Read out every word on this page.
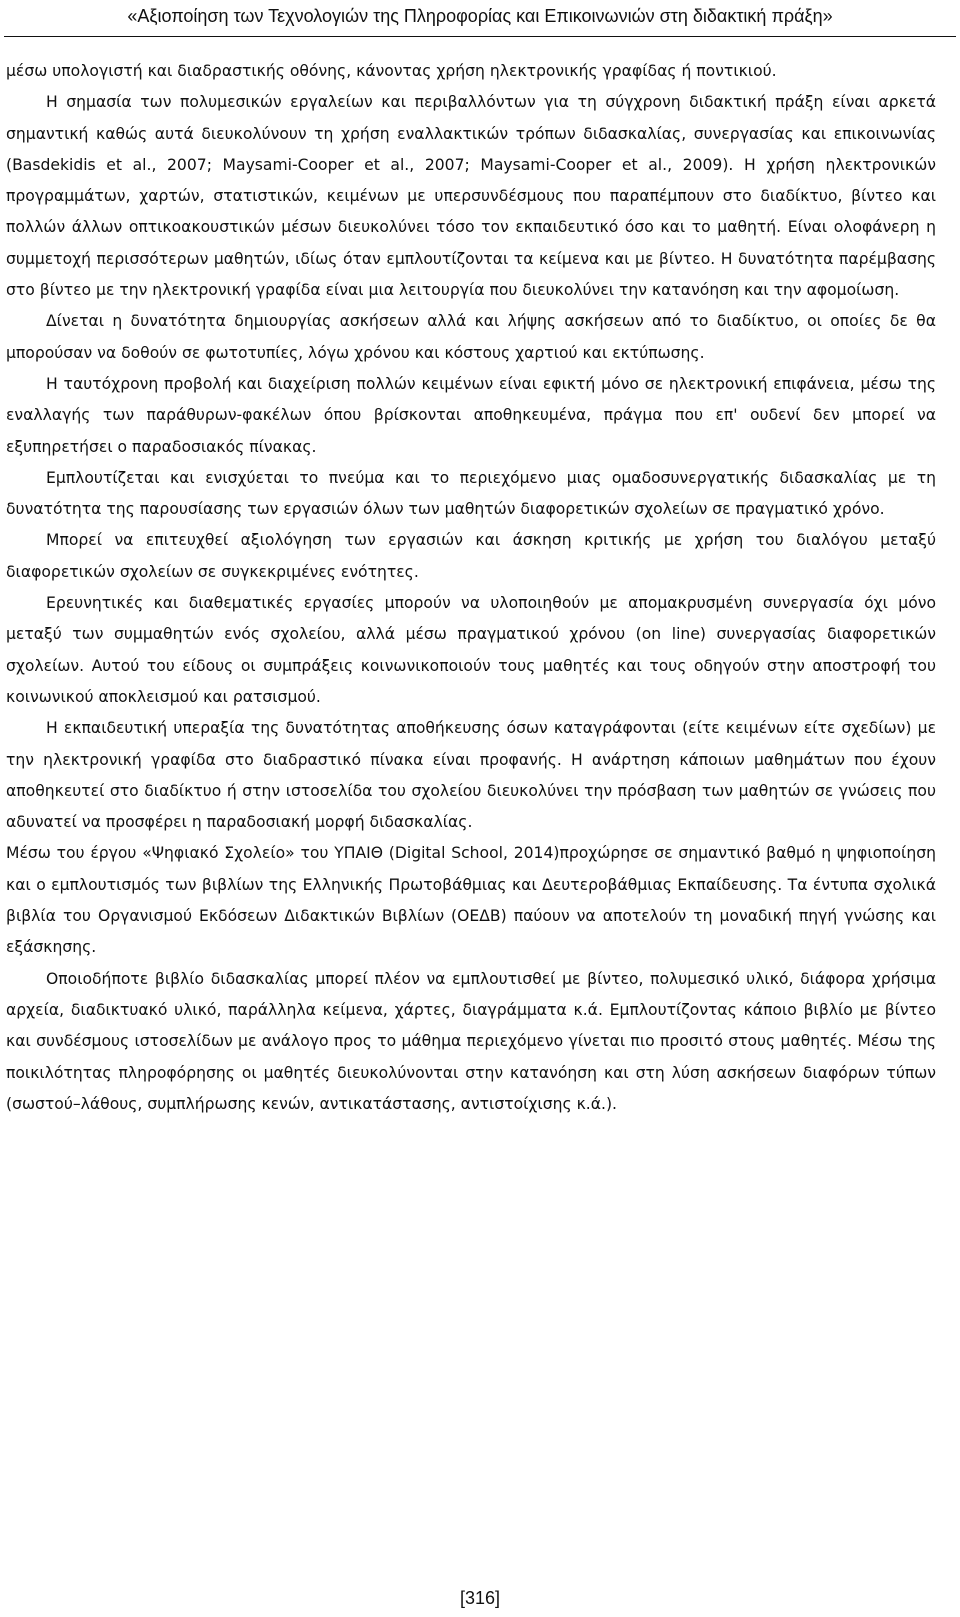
«Αξιοποίηση των Τεχνολογιών της Πληροφορίας και Επικοινωνιών στη διδακτική πράξη»

μέσω υπολογιστή και διαδραστικής οθόνης, κάνοντας χρήση ηλεκτρονικής γραφίδας ή ποντικιού.

Η σημασία των πολυμεσικών εργαλείων και περιβαλλόντων για τη σύγχρονη διδακτική πράξη είναι αρκετά σημαντική καθώς αυτά διευκολύνουν τη χρήση εναλλακτικών τρόπων διδασκαλίας, συνεργασίας και επικοινωνίας (Basdekidis et al., 2007; Maysami-Cooper et al., 2007; Maysami-Cooper et al., 2009). Η χρήση ηλεκτρονικών προγραμμάτων, χαρτών, στατιστικών, κειμένων με υπερσυνδέσμους που παραπέμπουν στο διαδίκτυο, βίντεο και πολλών άλλων οπτικοακουστικών μέσων διευκολύνει τόσο τον εκπαιδευτικό όσο και το μαθητή. Είναι ολοφάνερη η συμμετοχή περισσότερων μαθητών, ιδίως όταν εμπλουτίζονται τα κείμενα και με βίντεο. Η δυνατότητα παρέμβασης στο βίντεο με την ηλεκτρονική γραφίδα είναι μια λειτουργία που διευκολύνει την κατανόηση και την αφομοίωση.

Δίνεται η δυνατότητα δημιουργίας ασκήσεων αλλά και λήψης ασκήσεων από το διαδίκτυο, οι οποίες δε θα μπορούσαν να δοθούν σε φωτοτυπίες, λόγω χρόνου και κόστους χαρτιού και εκτύπωσης.

Η ταυτόχρονη προβολή και διαχείριση πολλών κειμένων είναι εφικτή μόνο σε ηλεκτρονική επιφάνεια, μέσω της εναλλαγής των παράθυρων-φακέλων όπου βρίσκονται αποθηκευμένα, πράγμα που επ' ουδενί δεν μπορεί να εξυπηρετήσει ο παραδοσιακός πίνακας.

Εμπλουτίζεται και ενισχύεται το πνεύμα και το περιεχόμενο μιας ομαδοσυνεργατικής διδασκαλίας με τη δυνατότητα της παρουσίασης των εργασιών όλων των μαθητών διαφορετικών σχολείων σε πραγματικό χρόνο.

Μπορεί να επιτευχθεί αξιολόγηση των εργασιών και άσκηση κριτικής με χρήση του διαλόγου μεταξύ διαφορετικών σχολείων σε συγκεκριμένες ενότητες.

Ερευνητικές και διαθεματικές εργασίες μπορούν να υλοποιηθούν με απομακρυσμένη συνεργασία όχι μόνο μεταξύ των συμμαθητών ενός σχολείου, αλλά μέσω πραγματικού χρόνου (on line) συνεργασίας διαφορετικών σχολείων. Αυτού του είδους οι συμπράξεις κοινωνικοποιούν τους μαθητές και τους οδηγούν στην αποστροφή του κοινωνικού αποκλεισμού και ρατσισμού.

Η εκπαιδευτική υπεραξία της δυνατότητας αποθήκευσης όσων καταγράφονται (είτε κειμένων είτε σχεδίων) με την ηλεκτρονική γραφίδα στο διαδραστικό πίνακα είναι προφανής. Η ανάρτηση κάποιων μαθημάτων που έχουν αποθηκευτεί στο διαδίκτυο ή στην ιστοσελίδα του σχολείου διευκολύνει την πρόσβαση των μαθητών σε γνώσεις που αδυνατεί να προσφέρει η παραδοσιακή μορφή διδασκαλίας.

Μέσω του έργου «Ψηφιακό Σχολείο» του ΥΠΑΙΘ (Digital School, 2014)προχώρησε σε σημαντικό βαθμό η ψηφιοποίηση και ο εμπλουτισμός των βιβλίων της Ελληνικής Πρωτοβάθμιας και Δευτεροβάθμιας Εκπαίδευσης. Τα έντυπα σχολικά βιβλία του Οργανισμού Εκδόσεων Διδακτικών Βιβλίων (ΟΕΔΒ) παύουν να αποτελούν τη μοναδική πηγή γνώσης και εξάσκησης.

Οποιοδήποτε βιβλίο διδασκαλίας μπορεί πλέον να εμπλουτισθεί με βίντεο, πολυμεσικό υλικό, διάφορα χρήσιμα αρχεία, διαδικτυακό υλικό, παράλληλα κείμενα, χάρτες, διαγράμματα κ.ά. Εμπλουτίζοντας κάποιο βιβλίο με βίντεο και συνδέσμους ιστοσελίδων με ανάλογο προς το μάθημα περιεχόμενο γίνεται πιο προσιτό στους μαθητές. Μέσω της ποικιλότητας πληροφόρησης οι μαθητές διευκολύνονται στην κατανόηση και στη λύση ασκήσεων διαφόρων τύπων (σωστού–λάθους, συμπλήρωσης κενών, αντικατάστασης, αντιστοίχισης κ.ά.).

[316]
